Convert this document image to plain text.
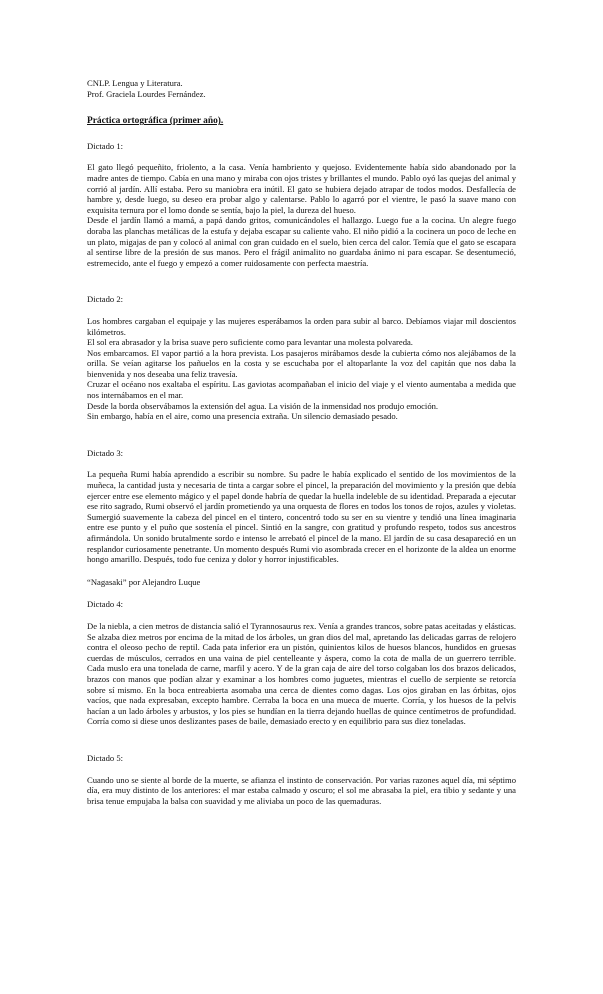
CNLP. Lengua y Literatura.

Prof. Graciela Lourdes Fernández.

Práctica ortográfica (primer año).

Dictado 1:

El gato llegó pequeñito, friolento, a la casa. Venía hambriento y quejoso. Evidentemente había sido abandonado por la madre antes de tiempo. Cabía en una mano y miraba con ojos tristes y brillantes el mundo. Pablo oyó las quejas del animal y corrió al jardín. Allí estaba. Pero su maniobra era inútil. El gato se hubiera dejado atrapar de todos modos. Desfallecía de hambre y, desde luego, su deseo era probar algo y calentarse. Pablo lo agarró por el vientre, le pasó la suave mano con exquisita ternura por el lomo donde se sentía, bajo la piel, la dureza del hueso.

Desde el jardín llamó a mamá, a papá dando gritos, comunicándoles el hallazgo. Luego fue a la cocina. Un alegre fuego doraba las planchas metálicas de la estufa y dejaba escapar su caliente vaho. El niño pidió a la cocinera un poco de leche en un plato, migajas de pan y colocó al animal con gran cuidado en el suelo, bien cerca del calor. Temía que el gato se escapara al sentirse libre de la presión de sus manos. Pero el frágil animalito no guardaba ánimo ni para escapar. Se desentumeció, estremecido, ante el fuego y empezó a comer ruidosamente con perfecta maestría.

Dictado 2:

Los hombres cargaban el equipaje y las mujeres esperábamos la orden para subir al barco. Debíamos viajar mil doscientos kilómetros.

El sol era abrasador y la brisa suave pero suficiente como para levantar una molesta polvareda.

Nos embarcamos. El vapor partió a la hora prevista. Los pasajeros mirábamos desde la cubierta cómo nos alejábamos de la orilla. Se veían agitarse los pañuelos en la costa y se escuchaba por el altoparlante la voz del capitán que nos daba la bienvenida y nos deseaba una feliz travesía.

Cruzar el océano nos exaltaba el espíritu. Las gaviotas acompañaban el inicio del viaje y el viento aumentaba a medida que nos internábamos en el mar.

Desde la borda observábamos la extensión del agua. La visión de la inmensidad nos produjo emoción.

Sin embargo, había en el aire, como una presencia extraña. Un silencio demasiado pesado.

Dictado 3:

La pequeña Rumi había aprendido a escribir su nombre. Su padre le había explicado el sentido de los movimientos de la muñeca, la cantidad justa y necesaria de tinta a cargar sobre el pincel, la preparación del movimiento y la presión que debía ejercer entre ese elemento mágico y el papel donde habría de quedar la huella indeleble de su identidad. Preparada a ejecutar ese rito sagrado, Rumi observó el jardín prometiendo ya una orquesta de flores en todos los tonos de rojos, azules y violetas. Sumergió suavemente la cabeza del pincel en el tintero, concentró todo su ser en su vientre y tendió una línea imaginaria entre ese punto y el puño que sostenía el pincel. Sintió en la sangre, con gratitud y profundo respeto, todos sus ancestros afirmándola. Un sonido brutalmente sordo e intenso le arrebató el pincel de la mano. El jardín de su casa desapareció en un resplandor curiosamente penetrante. Un momento después Rumi vio asombrada crecer en el horizonte de la aldea un enorme hongo amarillo. Después, todo fue ceniza y dolor y horror injustificables.

“Nagasaki” por Alejandro Luque

Dictado 4:

De la niebla, a cien metros de distancia salió el Tyrannosaurus rex. Venía a grandes trancos, sobre patas aceitadas y elásticas. Se alzaba diez metros por encima de la mitad de los árboles, un gran dios del mal, apretando las delicadas garras de relojero contra el oleoso pecho de reptil. Cada pata inferior era un pistón, quinientos kilos de huesos blancos, hundidos en gruesas cuerdas de músculos, cerrados en una vaina de piel centelleante y áspera, como la cota de malla de un guerrero terrible. Cada muslo era una tonelada de carne, marfil y acero. Y de la gran caja de aire del torso colgaban los dos brazos delicados, brazos con manos que podían alzar y examinar a los hombres como juguetes, mientras el cuello de serpiente se retorcía sobre sí mismo. En la boca entreabierta asomaba una cerca de dientes como dagas. Los ojos giraban en las órbitas, ojos vacíos, que nada expresaban, excepto hambre. Cerraba la boca en una mueca de muerte. Corría, y los huesos de la pelvis hacían a un lado árboles y arbustos, y los pies se hundían en la tierra dejando huellas de quince centímetros de profundidad. Corría como si diese unos deslizantes pases de baile, demasiado erecto y en equilibrio para sus diez toneladas.

Dictado 5:

Cuando uno se siente al borde de la muerte, se afianza el instinto de conservación. Por varias razones aquel día, mi séptimo día, era muy distinto de los anteriores: el mar estaba calmado y oscuro; el sol me abrasaba la piel, era tibio y sedante y una brisa tenue empujaba la balsa con suavidad y me aliviaba un poco de las quemaduras.
